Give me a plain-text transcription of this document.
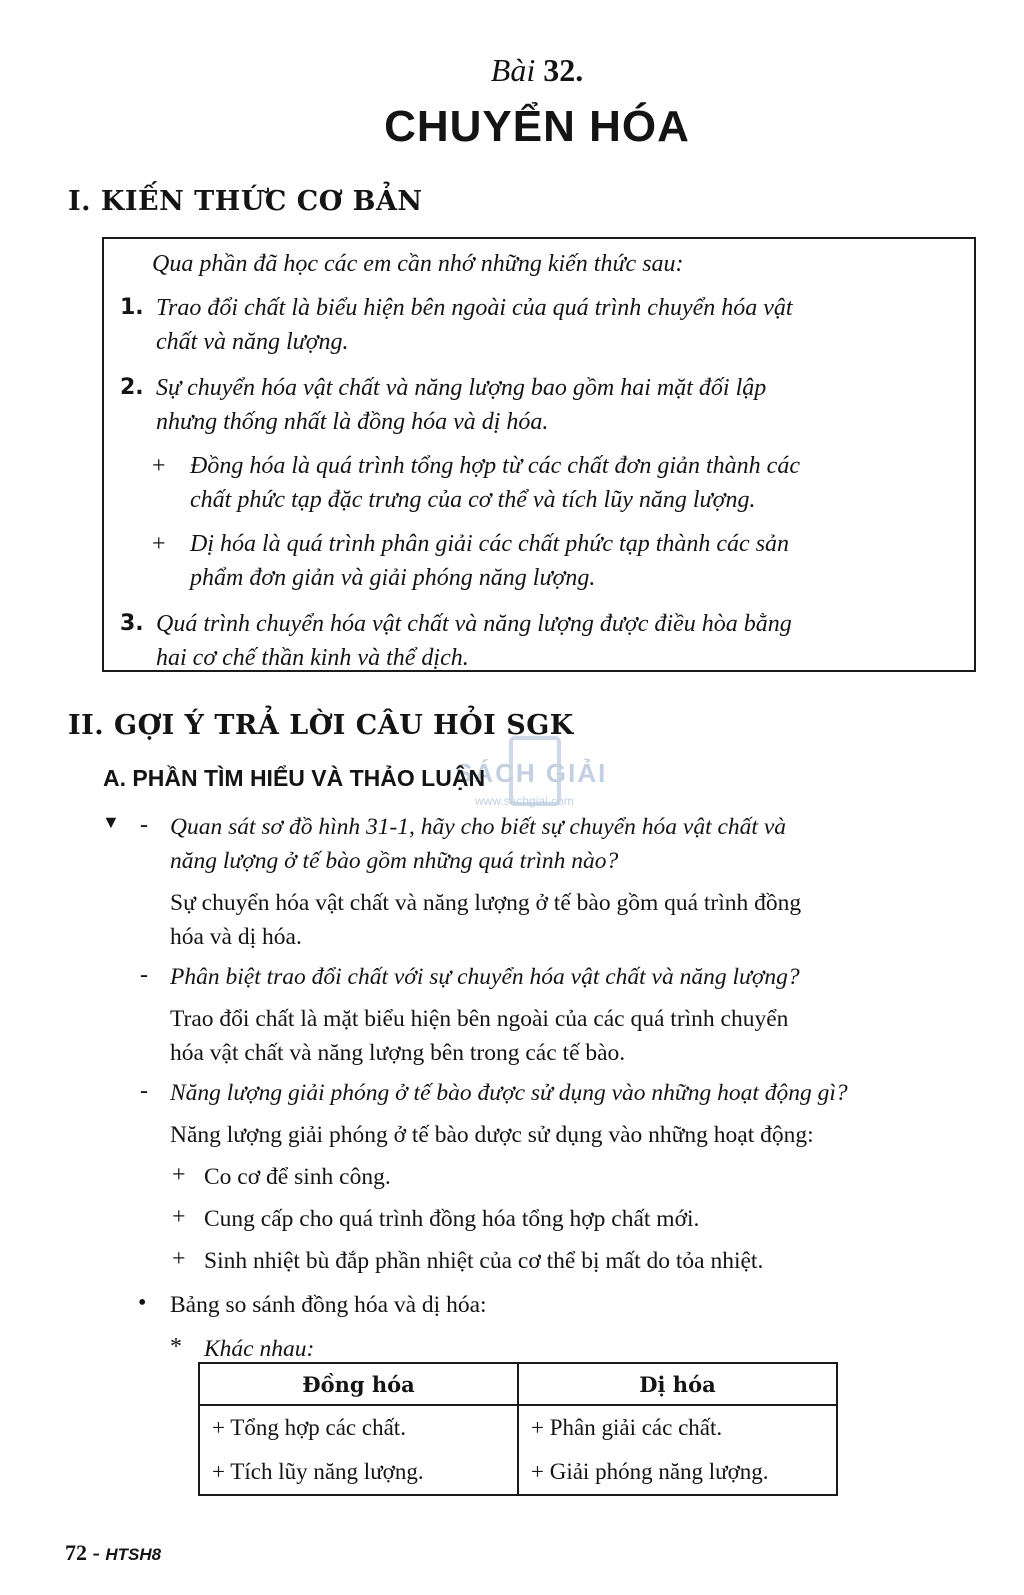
Bài 32.
CHUYỂN HÓA
I. KIẾN THỨC CƠ BẢN
Qua phần đã học các em cần nhớ những kiến thức sau:
1. Trao đổi chất là biểu hiện bên ngoài của quá trình chuyển hóa vật
chất và năng lượng.
2. Sự chuyển hóa vật chất và năng lượng bao gồm hai mặt đối lập
nhưng thống nhất là đồng hóa và dị hóa.
+ Đồng hóa là quá trình tổng hợp từ các chất đơn giản thành các
chất phức tạp đặc trưng của cơ thể và tích lũy năng lượng.
+ Dị hóa là quá trình phân giải các chất phức tạp thành các sản
phẩm đơn giản và giải phóng năng lượng.
3. Quá trình chuyển hóa vật chất và năng lượng được điều hòa bằng
hai cơ chế thần kinh và thể dịch.
II. GỢI Ý TRẢ LỜI CÂU HỎI SGK
SÁCH GIẢI
www.sachgiai.com
A. PHẦN TÌM HIỂU VÀ THẢO LUẬN
▼ - Quan sát sơ đồ hình 31-1, hãy cho biết sự chuyển hóa vật chất và
năng lượng ở tế bào gồm những quá trình nào?
Sự chuyển hóa vật chất và năng lượng ở tế bào gồm quá trình đồng
hóa và dị hóa.
- Phân biệt trao đổi chất với sự chuyển hóa vật chất và năng lượng?
Trao đổi chất là mặt biểu hiện bên ngoài của các quá trình chuyển
hóa vật chất và năng lượng bên trong các tế bào.
- Năng lượng giải phóng ở tế bào được sử dụng vào những hoạt động gì?
Năng lượng giải phóng ở tế bào dược sử dụng vào những hoạt động:
+ Co cơ để sinh công.
+ Cung cấp cho quá trình đồng hóa tổng hợp chất mới.
+ Sinh nhiệt bù đắp phần nhiệt của cơ thể bị mất do tỏa nhiệt.
• Bảng so sánh đồng hóa và dị hóa:
* Khác nhau:
Đồng hóa	Dị hóa
+ Tổng hợp các chất.	+ Phân giải các chất.
+ Tích lũy năng lượng.	+ Giải phóng năng lượng.
72 - HTSH8
